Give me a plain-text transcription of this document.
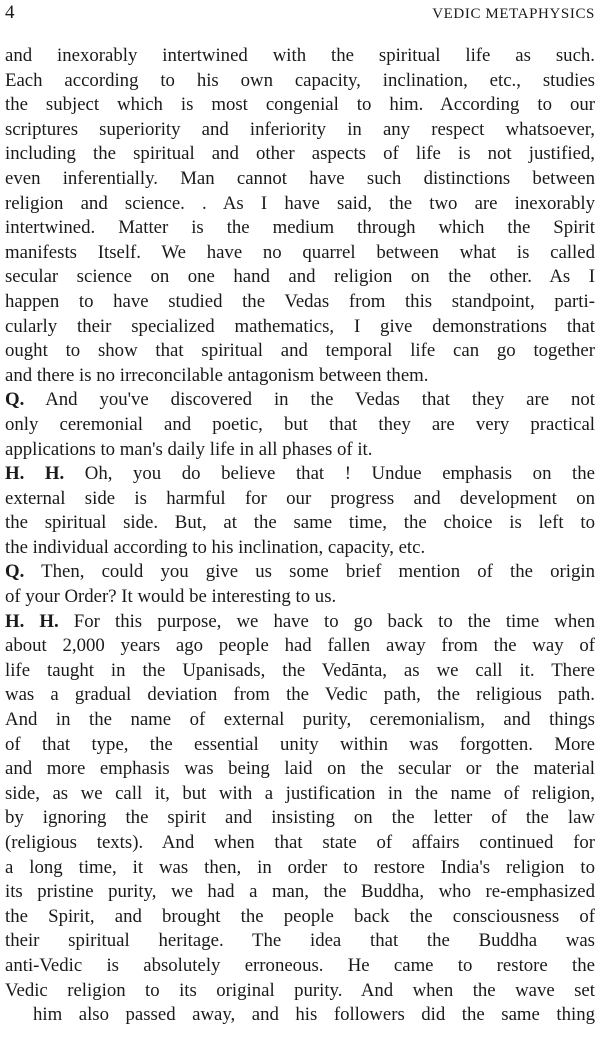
4	VEDIC METAPHYSICS
and inexorably intertwined with the spiritual life as such.
Each according to his own capacity, inclination, etc., studies
the subject which is most congenial to him. According to our
scriptures superiority and inferiority in any respect whatsoever,
including the spiritual and other aspects of life is not justified,
even inferentially. Man cannot have such distinctions between
religion and science. . As I have said, the two are inexorably
intertwined. Matter is the medium through which the Spirit
manifests Itself. We have no quarrel between what is called
secular science on one hand and religion on the other. As I
happen to have studied the Vedas from this standpoint, parti-
cularly their specialized mathematics, I give demonstrations that
ought to show that spiritual and temporal life can go together
and there is no irreconcilable antagonism between them.
Q. And you've discovered in the Vedas that they are not
only ceremonial and poetic, but that they are very practical
applications to man's daily life in all phases of it.
H. H. Oh, you do believe that ! Undue emphasis on the
external side is harmful for our progress and development on
the spiritual side. But, at the same time, the choice is left to
the individual according to his inclination, capacity, etc.
Q. Then, could you give us some brief mention of the origin
of your Order? It would be interesting to us.
H. H. For this purpose, we have to go back to the time when
about 2,000 years ago people had fallen away from the way of
life taught in the Upanisads, the Vedānta, as we call it. There
was a gradual deviation from the Vedic path, the religious path.
And in the name of external purity, ceremonialism, and things
of that type, the essential unity within was forgotten. More
and more emphasis was being laid on the secular or the material
side, as we call it, but with a justification in the name of religion,
by ignoring the spirit and insisting on the letter of the law
(religious texts). And when that state of affairs continued for
a long time, it was then, in order to restore India's religion to
its pristine purity, we had a man, the Buddha, who re-emphasized
the Spirit, and brought the people back the consciousness of
their spiritual heritage. The idea that the Buddha was
anti-Vedic is absolutely erroneous. He came to restore the
Vedic religion to its original purity. And when the wave set
him also passed away, and his followers did the same thing
